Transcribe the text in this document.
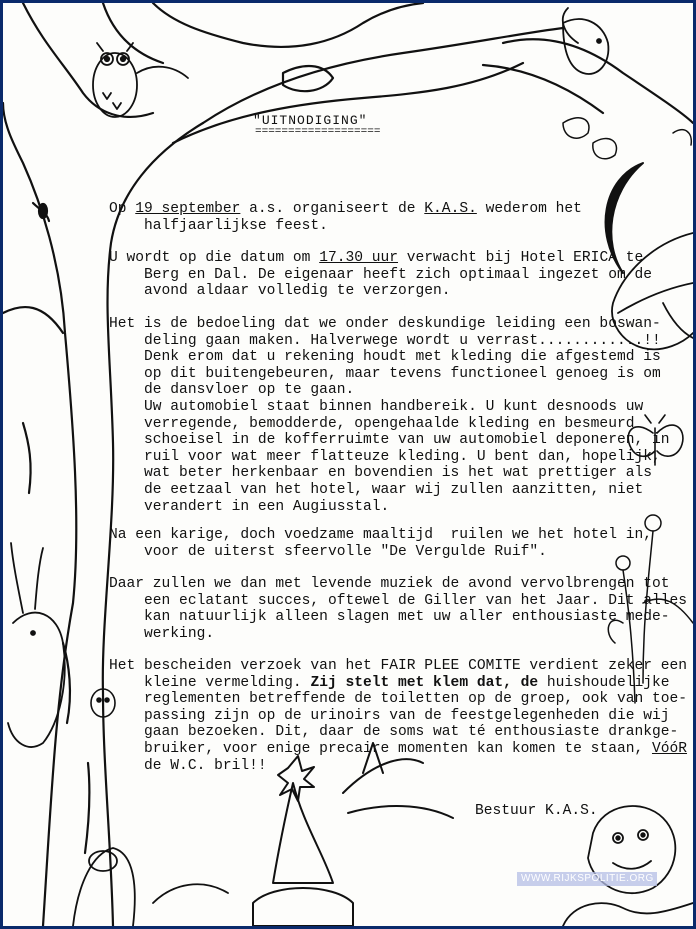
"UITNODIGING"
===================
Op 19 september a.s. organiseert de K.A.S. wederom het
halfjaarlijkse feest.
U wordt op die datum om 17.30 uur verwacht bij Hotel ERICA te
Berg en Dal. De eigenaar heeft zich optimaal ingezet om de
avond aldaar volledig te verzorgen.
Het is de bedoeling dat we onder deskundige leiding een boswan-
deling gaan maken. Halverwege wordt u verrast............!!
Denk erom dat u rekening houdt met kleding die afgestemd is
op dit buitengebeuren, maar tevens functioneel genoeg is om
de dansvloer op te gaan.
Uw automobiel staat binnen handbereik. U kunt desnoods uw
verregende, bemodderde, opengehaalde kleding en besmeurd
schoeisel in de kofferruimte van uw automobiel deponeren, in
ruil voor wat meer flatteuze kleding. U bent dan, hopelijk,
wat beter herkenbaar en bovendien is het wat prettiger als
de eetzaal van het hotel, waar wij zullen aanzitten, niet
verandert in een Augiusstal.
Na een karige, doch voedzame maaltijd  ruilen we het hotel in,
voor de uiterst sfeervolle "De Vergulde Ruif".
Daar zullen we dan met levende muziek de avond vervolbrengen tot
een eclatant succes, oftewel de Giller van het Jaar. Dit alles
kan natuurlijk alleen slagen met uw aller enthousiaste mede-
werking.
Het bescheiden verzoek van het FAIR PLEE COMITE verdient zeker een
kleine vermelding. Zij stelt met klem dat, de huishoudelijke
reglementen betreffende de toiletten op de groep, ook van toe-
passing zijn op de urinoirs van de feestgelegenheden die wij
gaan bezoeken. Dit, daar de soms wat té enthousiaste drankge-
bruiker, voor enige precaire momenten kan komen te staan, VóóR
de W.C. bril!!
Bestuur K.A.S.
WWW.RIJKSPOLITIE.ORG
